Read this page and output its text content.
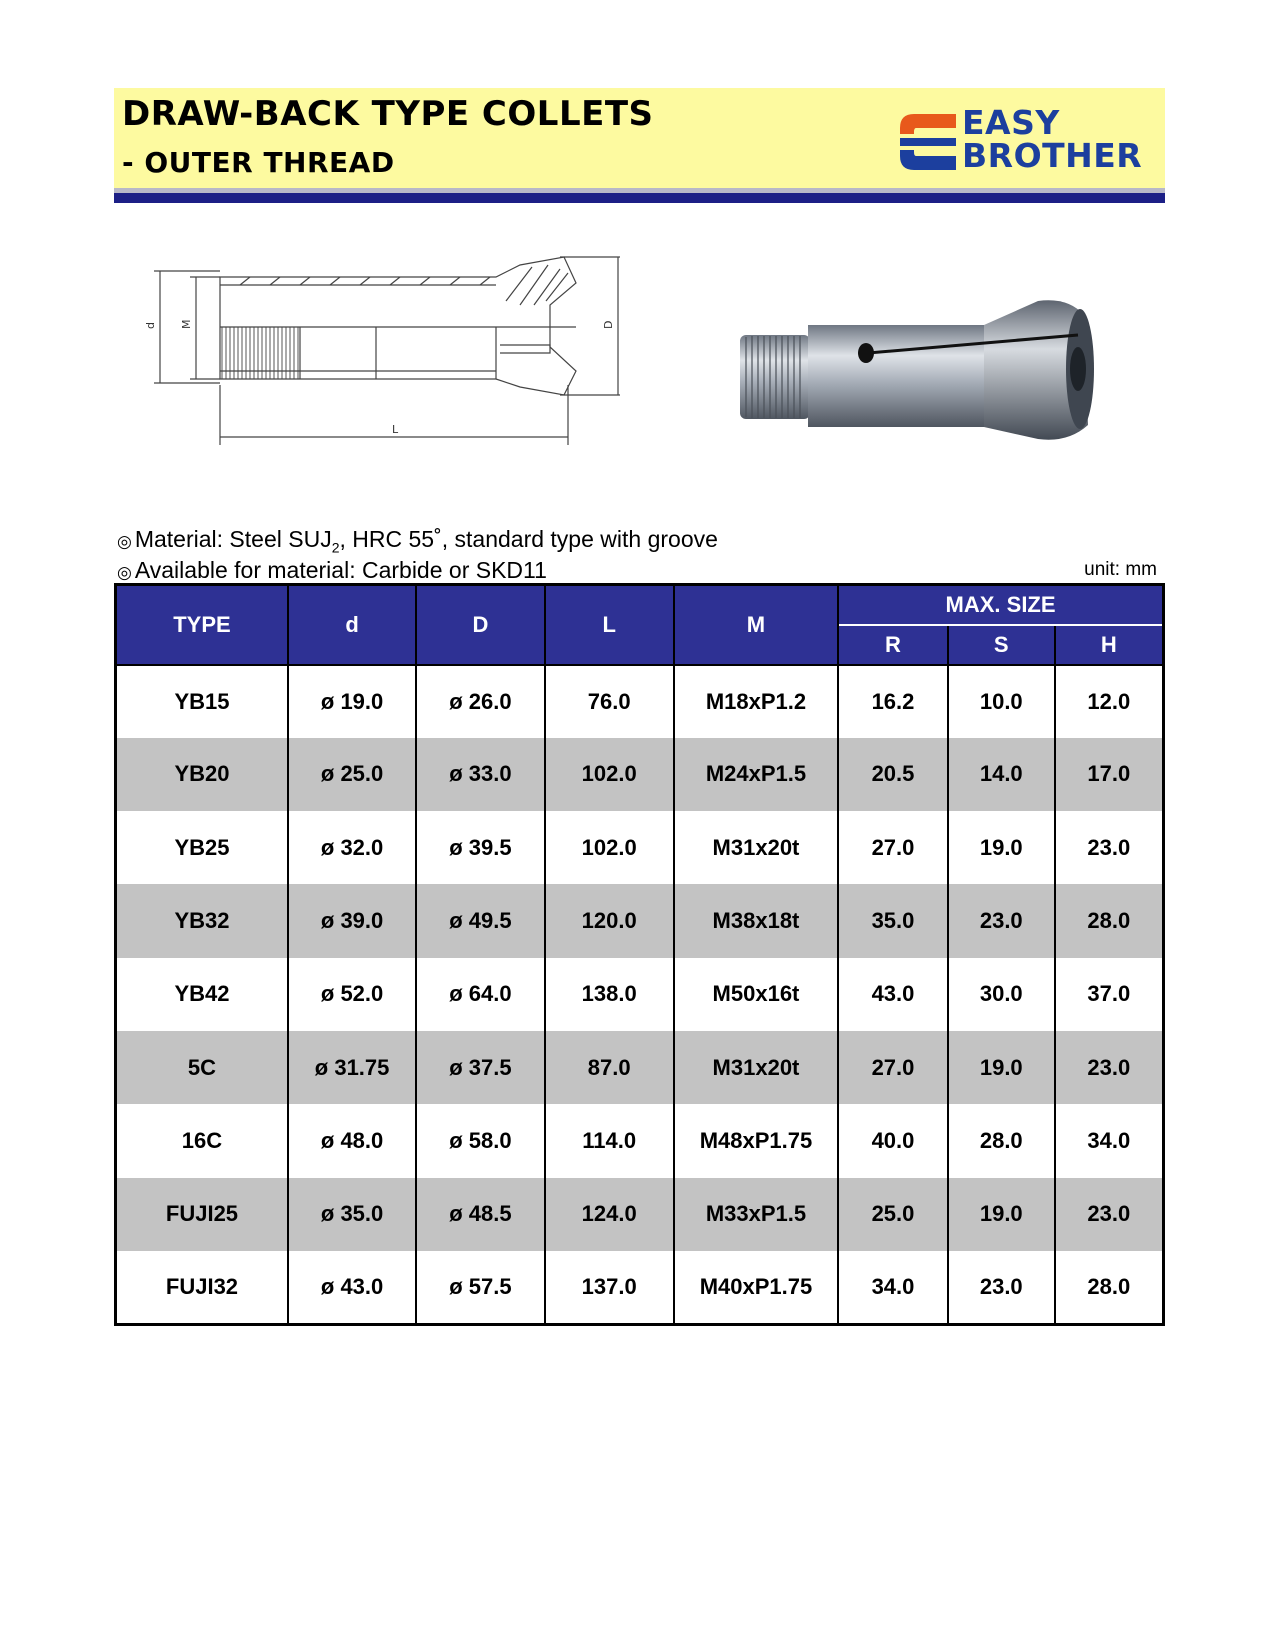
DRAW-BACK TYPE COLLETS
- OUTER THREAD
EASY
BROTHER
d M	D
L
◎ Material: Steel $SUJ_2$, HRC 55˚, standard type with groove
◎ Available for material: Carbide or SKD11	unit: mm
TYPE	d	D	L	M	MAX. SIZE		
					R	S	H
YB15	ø 19.0	ø 26.0	76.0	M18xP1.2	16.2	10.0	12.0
YB20	ø 25.0	ø 33.0	102.0	M24xP1.5	20.5	14.0	17.0
YB25	ø 32.0	ø 39.5	102.0	M31x20t	27.0	19.0	23.0
YB32	ø 39.0	ø 49.5	120.0	M38x18t	35.0	23.0	28.0
YB42	ø 52.0	ø 64.0	138.0	M50x16t	43.0	30.0	37.0
5C	ø 31.75	ø 37.5	87.0	M31x20t	27.0	19.0	23.0
16C	ø 48.0	ø 58.0	114.0	M48xP1.75	40.0	28.0	34.0
FUJI25	ø 35.0	ø 48.5	124.0	M33xP1.5	25.0	19.0	23.0
FUJI32	ø 43.0	ø 57.5	137.0	M40xP1.75	34.0	23.0	28.0
